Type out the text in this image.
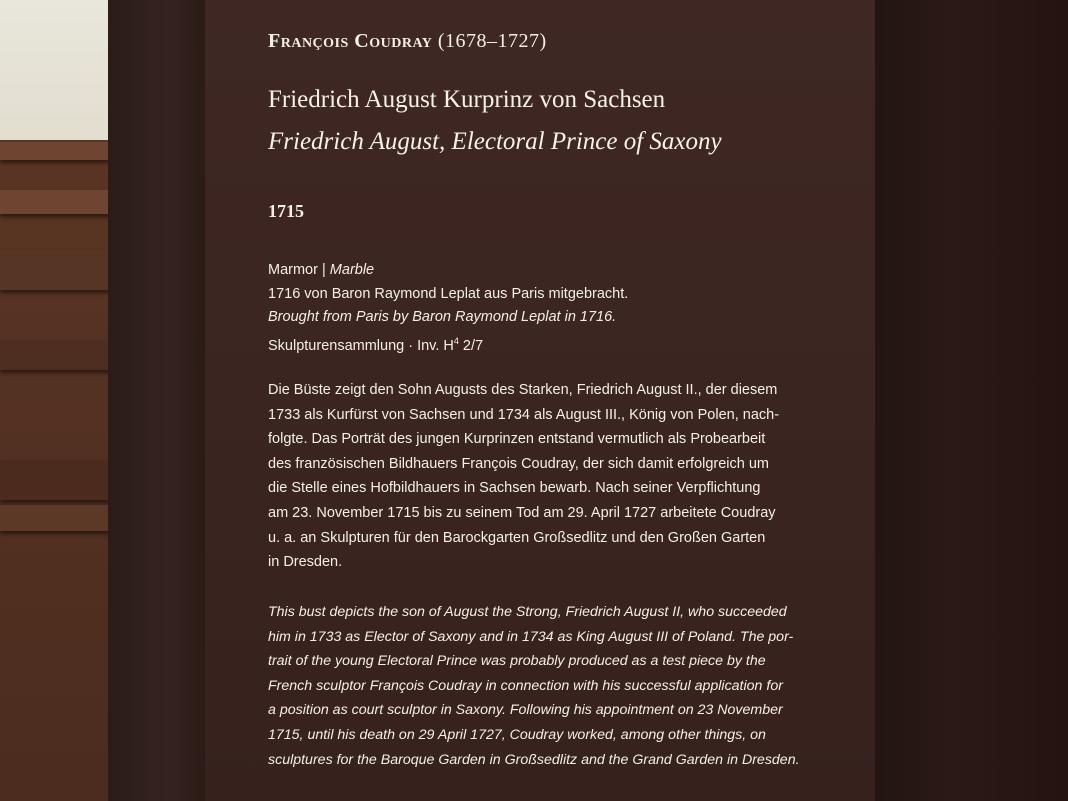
François Coudray (1678–1727)
Friedrich August Kurprinz von Sachsen
Friedrich August, Electoral Prince of Saxony
1715
Marmor | Marble
1716 von Baron Raymond Leplat aus Paris mitgebracht.
Brought from Paris by Baron Raymond Leplat in 1716.
Skulpturensammlung · Inv. $H^4$ 2/7
Die Büste zeigt den Sohn Augusts des Starken, Friedrich August II., der diesem
1733 als Kurfürst von Sachsen und 1734 als August III., König von Polen, nach-
folgte. Das Porträt des jungen Kurprinzen entstand vermutlich als Probearbeit
des französischen Bildhauers François Coudray, der sich damit erfolgreich um
die Stelle eines Hofbildhauers in Sachsen bewarb. Nach seiner Verpflichtung
am 23. November 1715 bis zu seinem Tod am 29. April 1727 arbeitete Coudray
u. a. an Skulpturen für den Barockgarten Großsedlitz und den Großen Garten
in Dresden.
This bust depicts the son of August the Strong, Friedrich August II, who succeeded
him in 1733 as Elector of Saxony and in 1734 as King August III of Poland. The por-
trait of the young Electoral Prince was probably produced as a test piece by the
French sculptor François Coudray in connection with his successful application for
a position as court sculptor in Saxony. Following his appointment on 23 November
1715, until his death on 29 April 1727, Coudray worked, among other things, on
sculptures for the Baroque Garden in Großsedlitz and the Grand Garden in Dresden.
